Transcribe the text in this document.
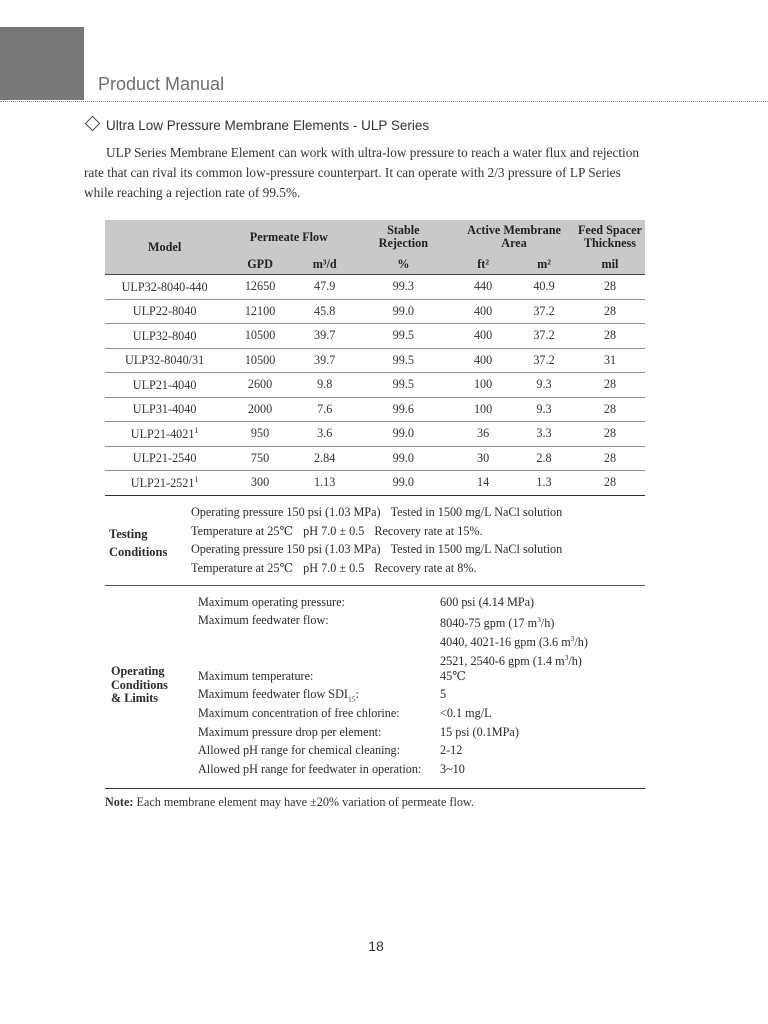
Product Manual
Ultra Low Pressure Membrane Elements - ULP Series
ULP Series Membrane Element can work with ultra-low pressure to reach a water flux and rejection
rate that can rival its common low-pressure counterpart. It can operate with 2/3 pressure of LP Series
while reaching a rejection rate of 99.5%.
Model	Permeate Flow		Stable Rejection	Active Membrane Area		Feed Spacer Thickness

	GPD	m³/d	%	ft²	m²	mil
ULP32-8040-440	12650	47.9	99.3	440	40.9	28
ULP22-8040	12100	45.8	99.0	400	37.2	28
ULP32-8040	10500	39.7	99.5	400	37.2	28
ULP32-8040/31	10500	39.7	99.5	400	37.2	31
ULP21-4040	2600	9.8	99.5	100	9.3	28
ULP31-4040	2000	7.6	99.6	100	9.3	28
ULP21-4021$^1$	950	3.6	99.0	36	3.3	28
ULP21-2540	750	2.84	99.0	30	2.8	28
ULP21-2521$^1$	300	1.13	99.0	14	1.3	28
Testing
Conditions
Operating pressure 150 psi (1.03 MPa) Tested in 1500 mg/L NaCl solution
Temperature at 25℃ pH 7.0 ± 0.5 Recovery rate at 15%.
Operating pressure 150 psi (1.03 MPa) Tested in 1500 mg/L NaCl solution
Temperature at 25℃ pH 7.0 ± 0.5 Recovery rate at 8%.
Operating
Conditions
& Limits
Maximum operating pressure:	600 psi (4.14 MPa)
Maximum feedwater flow:	8040-75 gpm (17 $m^3/h$)
4040, 4021-16 gpm (3.6 $m^3/h$)
2521, 2540-6 gpm (1.4 $m^3/h$)
Maximum temperature:	45℃
Maximum feedwater flow $SDI_{15}$:	5
Maximum concentration of free chlorine:	<0.1 mg/L
Maximum pressure drop per element:	15 psi (0.1MPa)
Allowed pH range for chemical cleaning:	2-12
Allowed pH range for feedwater in operation: 3~10
Note: Each membrane element may have ±20% variation of permeate flow.
18
